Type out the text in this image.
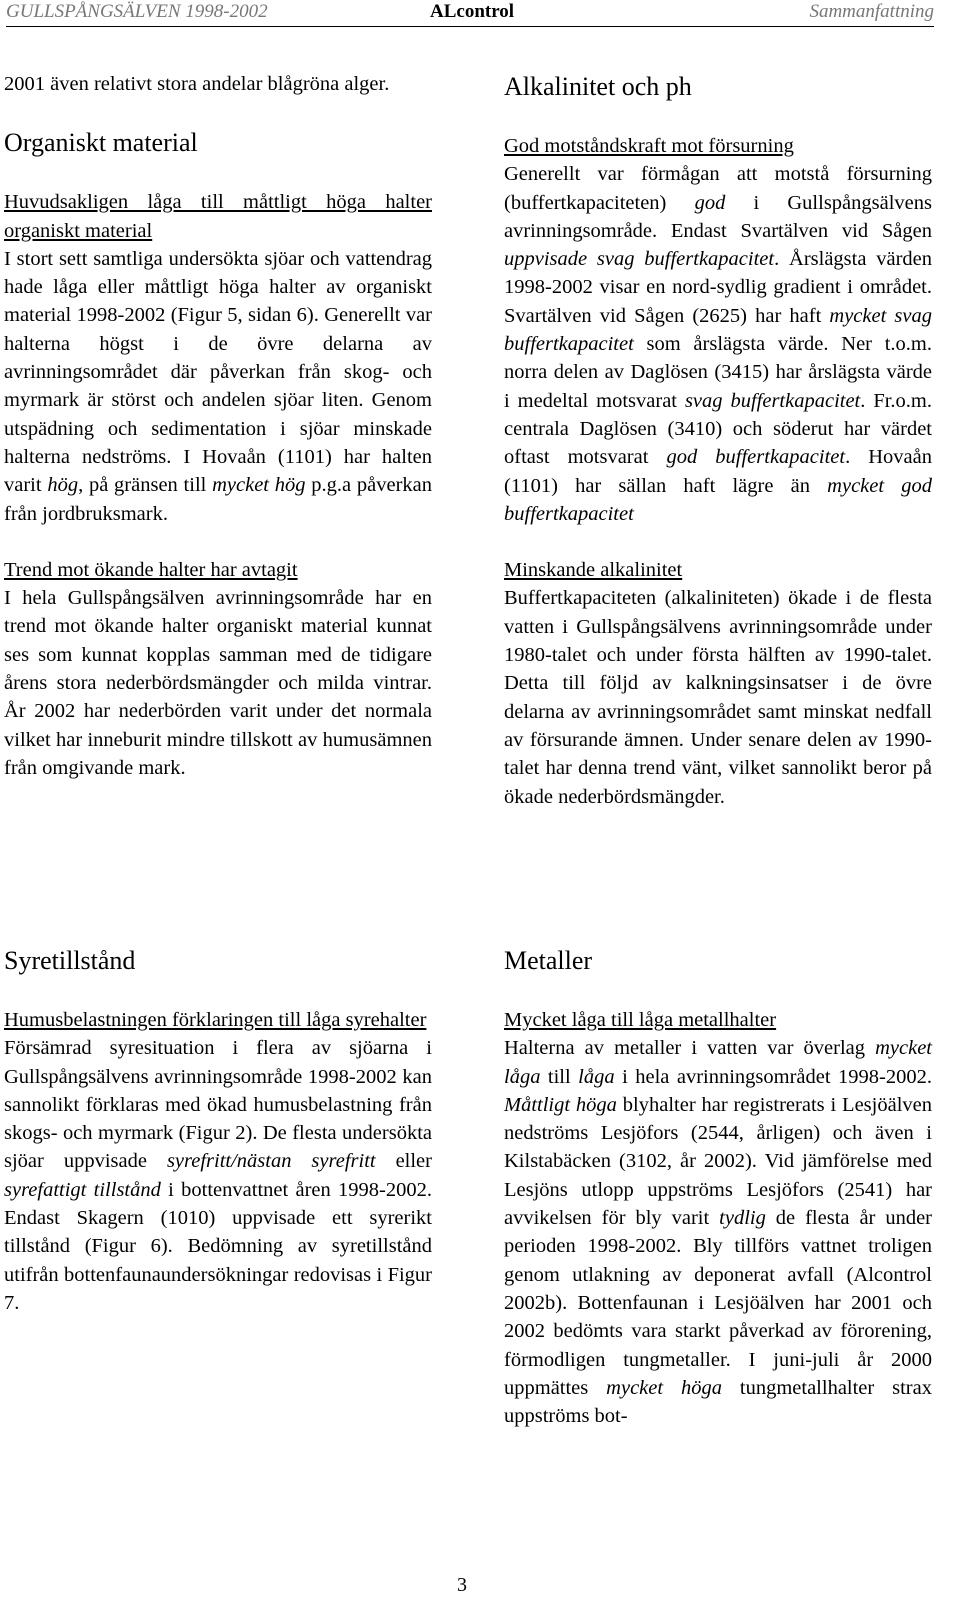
GULLSPÅNGSÄLVEN 1998-2002	ALcontrol	Sammanfattning

2001 även relativt stora andelar blågröna alger.

Organiskt material

Huvudsakligen låga till måttligt höga halter organiskt material

I stort sett samtliga undersökta sjöar och vattendrag hade låga eller måttligt höga halter av organiskt material 1998-2002 (Figur 5, sidan 6). Generellt var halterna högst i de övre delarna av avrinningsområdet där påverkan från skog- och myrmark är störst och andelen sjöar liten. Genom utspädning och sedimentation i sjöar minskade halterna nedströms. I Hovaån (1101) har halten varit hög, på gränsen till mycket hög p.g.a påverkan från jordbruksmark.

Trend mot ökande halter har avtagit

I hela Gullspångsälven avrinningsområde har en trend mot ökande halter organiskt material kunnat ses som kunnat kopplas samman med de tidigare årens stora nederbördsmängder och milda vintrar. År 2002 har nederbörden varit under det normala vilket har inneburit mindre tillskott av humusämnen från omgivande mark.

Alkalinitet och ph

God motståndskraft mot försurning

Generellt var förmågan att motstå försurning (buffertkapaciteten) god i Gullspångsälvens avrinningsområde. Endast Svartälven vid Sågen uppvisade svag buffertkapacitet. Årslägsta värden 1998-2002 visar en nord-sydlig gradient i området. Svartälven vid Sågen (2625) har haft mycket svag buffertkapacitet som årslägsta värde. Ner t.o.m. norra delen av Daglösen (3415) har årslägsta värde i medeltal motsvarat svag buffertkapacitet. Fr.o.m. centrala Daglösen (3410) och söderut har värdet oftast motsvarat god buffertkapacitet. Hovaån (1101) har sällan haft lägre än mycket god buffertkapacitet

Minskande alkalinitet

Buffertkapaciteten (alkaliniteten) ökade i de flesta vatten i Gullspångsälvens avrinningsområde under 1980-talet och under första hälften av 1990-talet. Detta till följd av kalkningsinsatser i de övre delarna av avrinningsområdet samt minskat nedfall av försurande ämnen. Under senare delen av 1990-talet har denna trend vänt, vilket sannolikt beror på ökade nederbördsmängder.

Syretillstånd

Humusbelastningen förklaringen till låga syrehalter

Försämrad syresituation i flera av sjöarna i Gullspångsälvens avrinningsområde 1998-2002 kan sannolikt förklaras med ökad humusbelastning från skogs- och myrmark (Figur 2). De flesta undersökta sjöar uppvisade syrefritt/nästan syrefritt eller syrefattigt tillstånd i bottenvattnet åren 1998-2002. Endast Skagern (1010) uppvisade ett syrerikt tillstånd (Figur 6). Bedömning av syretillstånd utifrån bottenfaunaundersökningar redovisas i Figur 7.

Metaller

Mycket låga till låga metallhalter

Halterna av metaller i vatten var överlag mycket låga till låga i hela avrinningsområdet 1998-2002. Måttligt höga blyhalter har registrerats i Lesjöälven nedströms Lesjöfors (2544, årligen) och även i Kilstabäcken (3102, år 2002). Vid jämförelse med Lesjöns utlopp uppströms Lesjöfors (2541) har avvikelsen för bly varit tydlig de flesta år under perioden 1998-2002. Bly tillförs vattnet troligen genom utlakning av deponerat avfall (Alcontrol 2002b). Bottenfaunan i Lesjöälven har 2001 och 2002 bedömts vara starkt påverkad av förorening, förmodligen tungmetaller. I juni-juli år 2000 uppmättes mycket höga tungmetallhalter strax uppströms bot-

3
